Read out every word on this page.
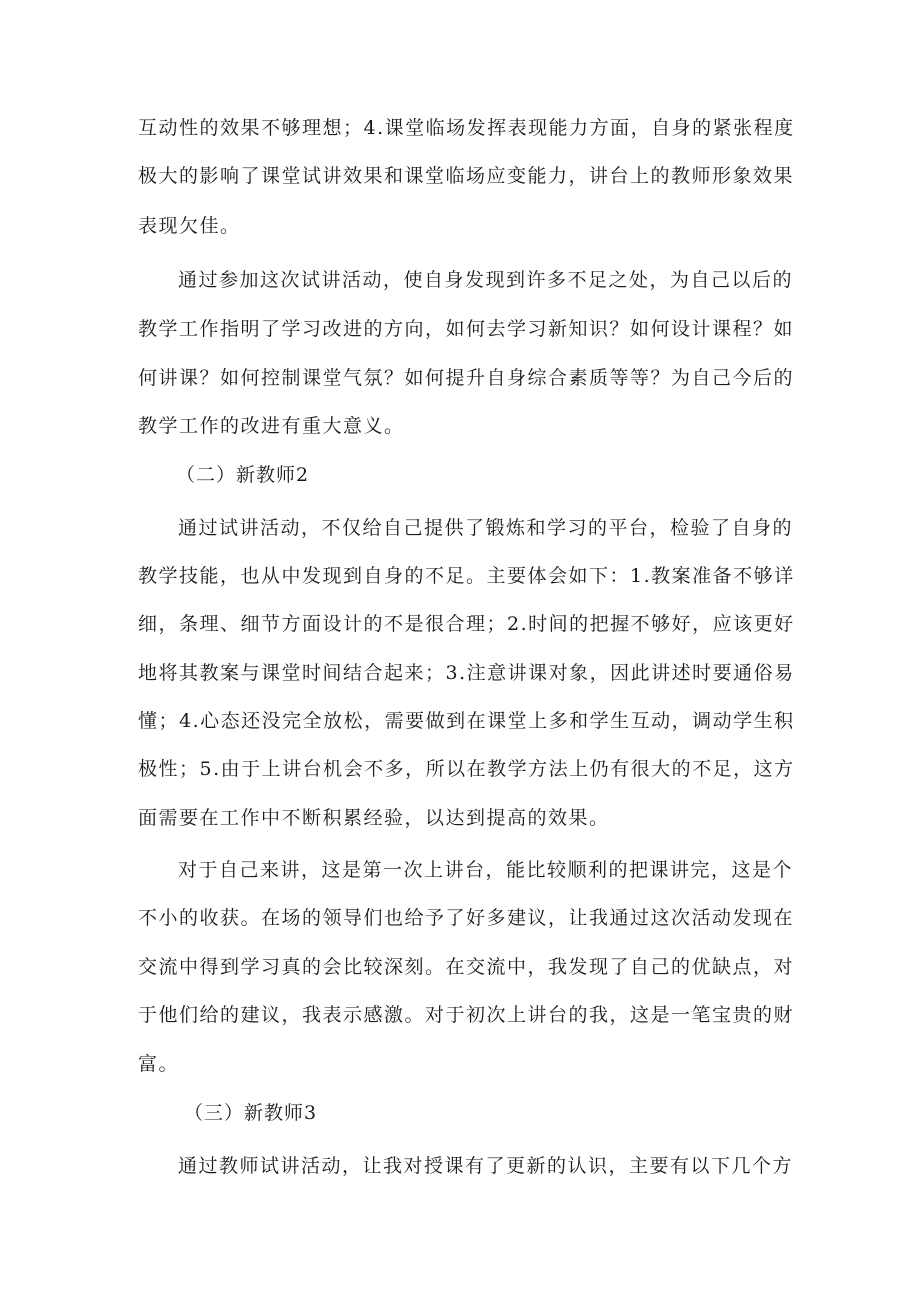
互动性的效果不够理想；4.课堂临场发挥表现能力方面，自身的紧张程度
极大的影响了课堂试讲效果和课堂临场应变能力，讲台上的教师形象效果
表现欠佳。
通过参加这次试讲活动，使自身发现到许多不足之处，为自己以后的
教学工作指明了学习改进的方向，如何去学习新知识？如何设计课程？如
何讲课？如何控制课堂气氛？如何提升自身综合素质等等？为自己今后的
教学工作的改进有重大意义。
（二）新教师2
通过试讲活动，不仅给自己提供了锻炼和学习的平台，检验了自身的
教学技能，也从中发现到自身的不足。主要体会如下：1.教案准备不够详
细，条理、细节方面设计的不是很合理；2.时间的把握不够好，应该更好
地将其教案与课堂时间结合起来；3.注意讲课对象，因此讲述时要通俗易
懂；4.心态还没完全放松，需要做到在课堂上多和学生互动，调动学生积
极性；5.由于上讲台机会不多，所以在教学方法上仍有很大的不足，这方
面需要在工作中不断积累经验，以达到提高的效果。
对于自己来讲，这是第一次上讲台，能比较顺利的把课讲完，这是个
不小的收获。在场的领导们也给予了好多建议，让我通过这次活动发现在
交流中得到学习真的会比较深刻。在交流中，我发现了自己的优缺点，对
于他们给的建议，我表示感激。对于初次上讲台的我，这是一笔宝贵的财
富。
（三）新教师3
通过教师试讲活动，让我对授课有了更新的认识，主要有以下几个方
